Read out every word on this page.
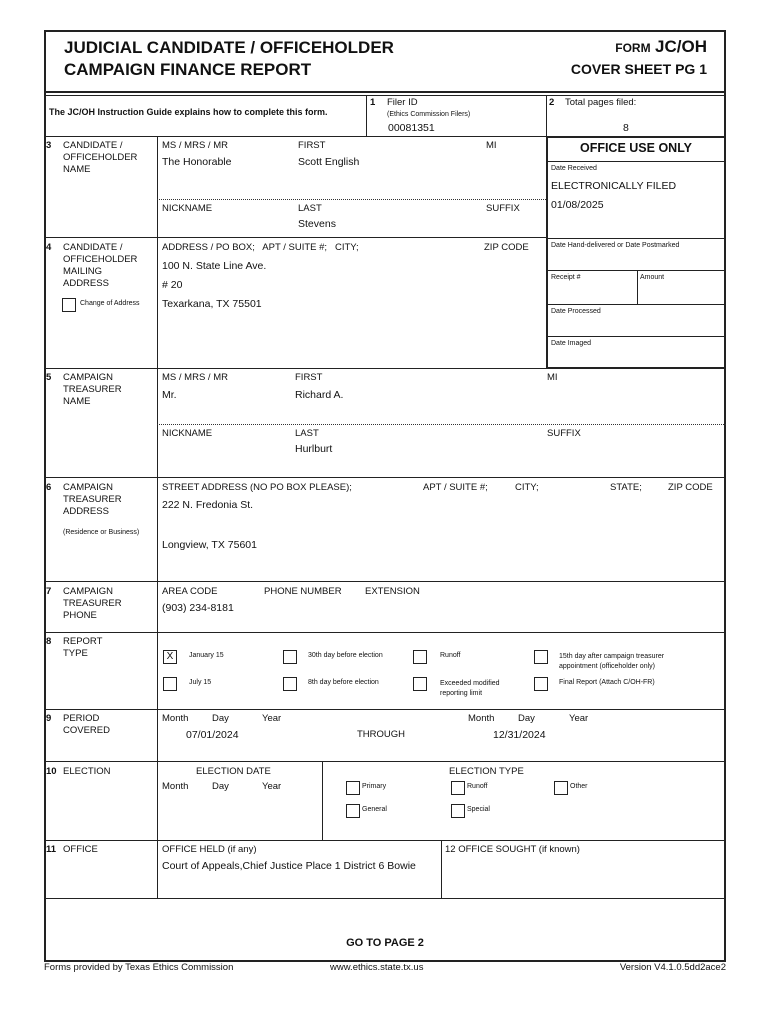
JUDICIAL CANDIDATE / OFFICEHOLDER
CAMPAIGN FINANCE REPORT
FORM JC/OH
COVER SHEET PG 1
The JC/OH Instruction Guide explains how to complete this form.
1 Filer ID
(Ethics Commission Filers)
00081351
2 Total pages filed:
8
OFFICE USE ONLY
Date Received
ELECTRONICALLY FILED
01/08/2025
Date Hand-delivered or Date Postmarked
Receipt #	Amount
Date Processed
Date Imaged
3 CANDIDATE /
OFFICEHOLDER
NAME
MS / MRS / MR	FIRST	MI
The Honorable	Scott English
NICKNAME	LAST	SUFFIX
Stevens
4 CANDIDATE /
OFFICEHOLDER
MAILING
ADDRESS
Change of Address
ADDRESS / PO BOX;   APT / SUITE #;   CITY;	ZIP CODE
100 N. State Line Ave.
# 20
Texarkana, TX 75501
5 CAMPAIGN
TREASURER
NAME
MS / MRS / MR	FIRST	MI
Mr.	Richard A.
NICKNAME	LAST	SUFFIX
Hurlburt
6 CAMPAIGN
TREASURER
ADDRESS
(Residence or Business)
STREET ADDRESS (NO PO BOX PLEASE);	APT / SUITE #;	CITY;	STATE;	ZIP CODE
222 N. Fredonia St.
Longview, TX 75601
7 CAMPAIGN
TREASURER
PHONE
AREA CODE	PHONE NUMBER EXTENSION
(903) 234-8181
8 REPORT
TYPE	X	January 15
July 15
30th day before election
8th day before election
Runoff
Exceeded modified
reporting limit
15th day after campaign treasurer
appointment (officeholder only)
Final Report (Attach C/OH-FR)
9 PERIOD
COVERED
Month Day	Year
07/01/2024	THROUGH
Month Day	Year
12/31/2024
10 ELECTION	ELECTION DATE
Month Day	Year
ELECTION TYPE
Primary	Runoff	Other
General	Special
11 OFFICE	OFFICE HELD (if any)
Court of Appeals,Chief Justice Place 1 District 6 Bowie
12 OFFICE SOUGHT (if known)
GO TO PAGE 2
Forms provided by Texas Ethics Commission	www.ethics.state.tx.us	Version V4.1.0.5dd2ace2
